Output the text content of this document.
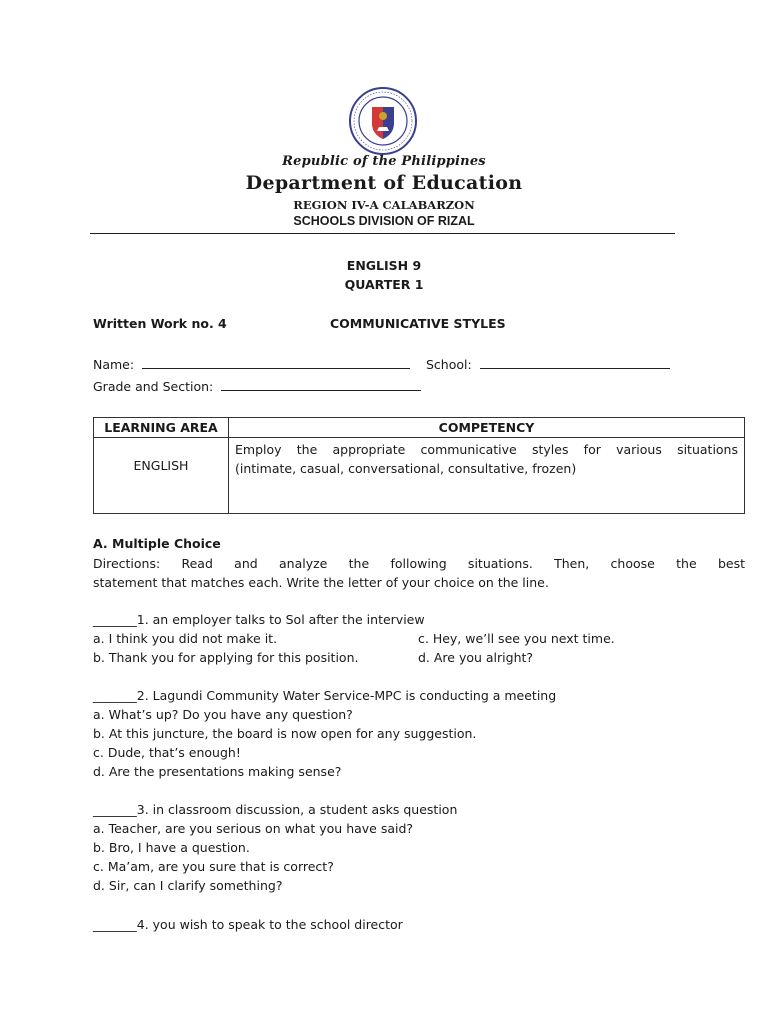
Republic of the Philippines
Department of Education
REGION IV-A CALABARZON
SCHOOLS DIVISION OF RIZAL
ENGLISH 9
QUARTER 1
Written Work no. 4	COMMUNICATIVE STYLES
Name:	School:
Grade and Section:
LEARNING AREA	COMPETENCY
ENGLISH	Employ the appropriate communicative styles for various situations
(intimate, casual, conversational, consultative, frozen)
A. Multiple Choice
Directions: Read and analyze the following situations. Then, choose the best
statement that matches each. Write the letter of your choice on the line.
_______1. an employer talks to Sol after the interview
a. I think you did not make it.	c. Hey, we’ll see you next time.
b. Thank you for applying for this position.	d. Are you alright?
_______2. Lagundi Community Water Service-MPC is conducting a meeting
a. What’s up? Do you have any question?
b. At this juncture, the board is now open for any suggestion.
c. Dude, that’s enough!
d. Are the presentations making sense?
_______3. in classroom discussion, a student asks question
a. Teacher, are you serious on what you have said?
b. Bro, I have a question.
c. Ma’am, are you sure that is correct?
d. Sir, can I clarify something?
_______4. you wish to speak to the school director
